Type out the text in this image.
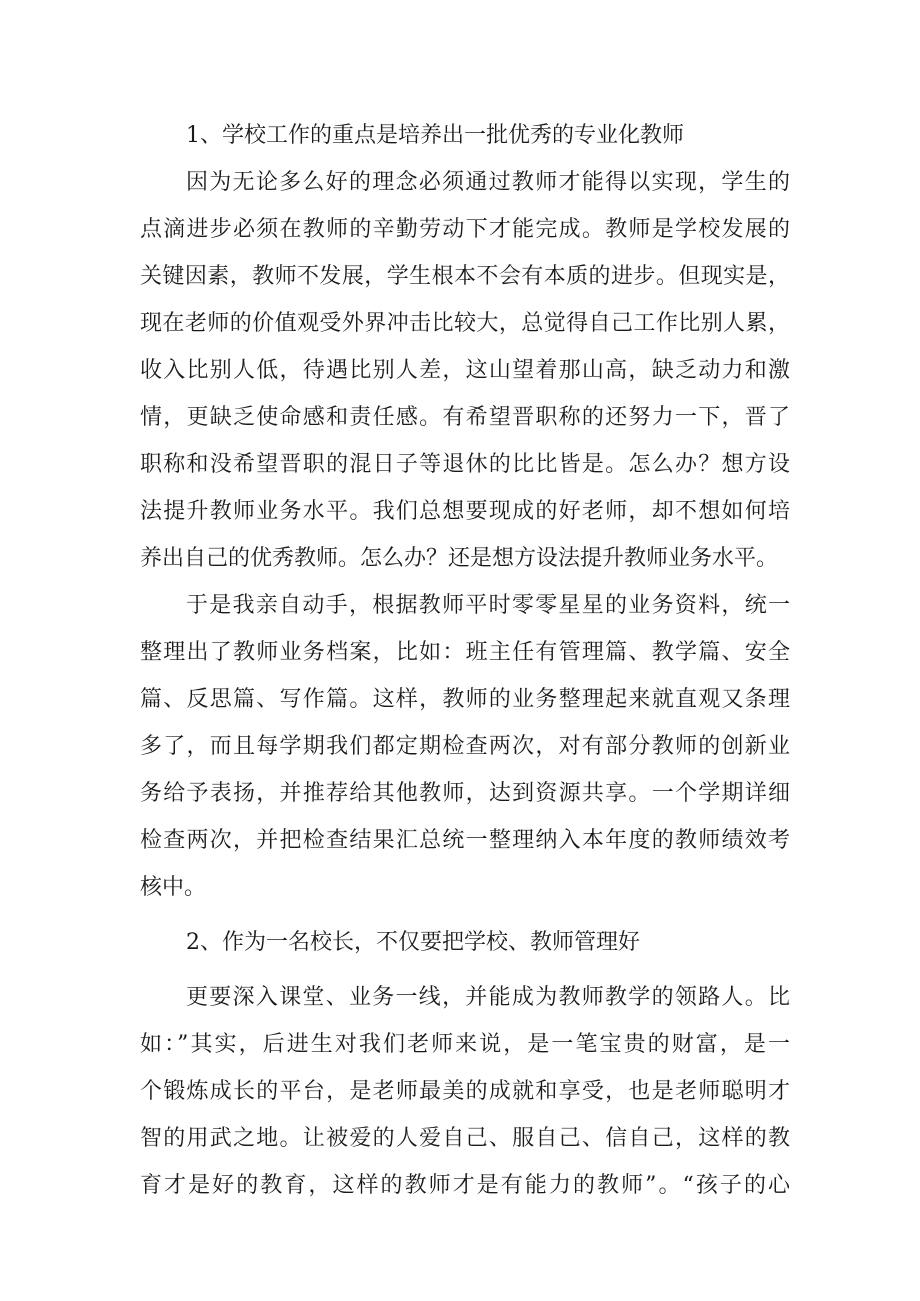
1、学校工作的重点是培养出一批优秀的专业化教师
因为无论多么好的理念必须通过教师才能得以实现，学生的
点滴进步必须在教师的辛勤劳动下才能完成。教师是学校发展的
关键因素，教师不发展，学生根本不会有本质的进步。但现实是，
现在老师的价值观受外界冲击比较大，总觉得自己工作比别人累，
收入比别人低，待遇比别人差，这山望着那山高，缺乏动力和激
情，更缺乏使命感和责任感。有希望晋职称的还努力一下，晋了
职称和没希望晋职的混日子等退休的比比皆是。怎么办？想方设
法提升教师业务水平。我们总想要现成的好老师，却不想如何培
养出自己的优秀教师。怎么办？还是想方设法提升教师业务水平。
于是我亲自动手，根据教师平时零零星星的业务资料，统一
整理出了教师业务档案，比如：班主任有管理篇、教学篇、安全
篇、反思篇、写作篇。这样，教师的业务整理起来就直观又条理
多了，而且每学期我们都定期检查两次，对有部分教师的创新业
务给予表扬，并推荐给其他教师，达到资源共享。一个学期详细
检查两次，并把检查结果汇总统一整理纳入本年度的教师绩效考
核中。
2、作为一名校长，不仅要把学校、教师管理好
更要深入课堂、业务一线，并能成为教师教学的领路人。比
如：”其实，后进生对我们老师来说，是一笔宝贵的财富，是一
个锻炼成长的平台，是老师最美的成就和享受，也是老师聪明才
智的用武之地。让被爱的人爱自己、服自己、信自己，这样的教
育才是好的教育，这样的教师才是有能力的教师”。“孩子的心
